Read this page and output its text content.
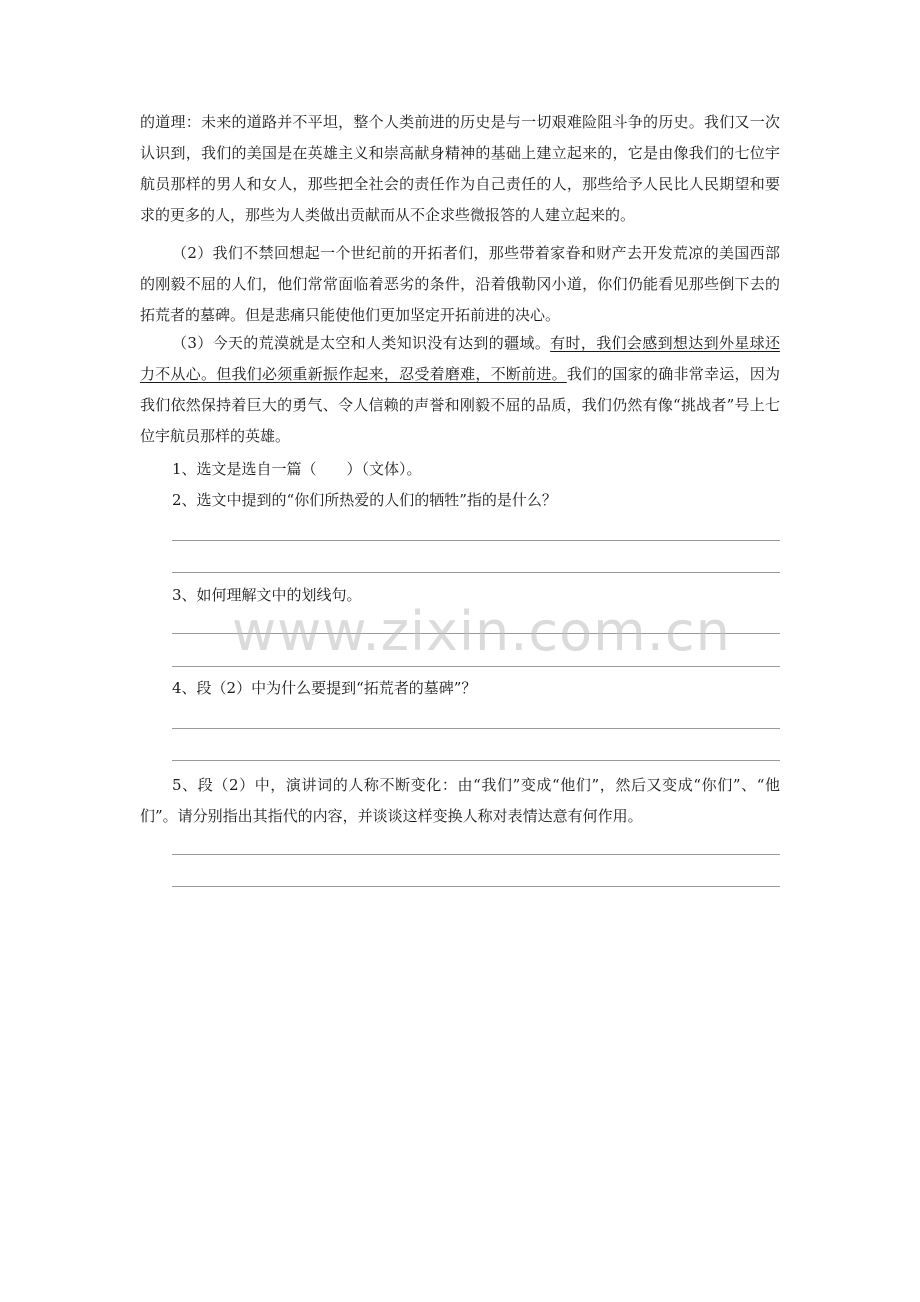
的道理：未来的道路并不平坦，整个人类前进的历史是与一切艰难险阻斗争的历史。我们又一次认识到，我们的美国是在英雄主义和崇高献身精神的基础上建立起来的，它是由像我们的七位宇航员那样的男人和女人，那些把全社会的责任作为自己责任的人，那些给予人民比人民期望和要求的更多的人，那些为人类做出贡献而从不企求些微报答的人建立起来的。

（2）我们不禁回想起一个世纪前的开拓者们，那些带着家眷和财产去开发荒凉的美国西部的刚毅不屈的人们，他们常常面临着恶劣的条件，沿着俄勒冈小道，你们仍能看见那些倒下去的拓荒者的墓碑。但是悲痛只能使他们更加坚定开拓前进的决心。

（3）今天的荒漠就是太空和人类知识没有达到的疆域。有时，我们会感到想达到外星球还力不从心。但我们必须重新振作起来，忍受着磨难，不断前进。我们的国家的确非常幸运，因为我们依然保持着巨大的勇气、令人信赖的声誉和刚毅不屈的品质，我们仍然有像“挑战者”号上七位宇航员那样的英雄。

1、选文是选自一篇（　　）（文体）。

2、选文中提到的“你们所热爱的人们的牺牲”指的是什么？

3、如何理解文中的划线句。

4、段（2）中为什么要提到“拓荒者的墓碑”？

5、段（2）中，演讲词的人称不断变化：由“我们”变成“他们”，然后又变成“你们”、“他们”。请分别指出其指代的内容，并谈谈这样变换人称对表情达意有何作用。

www.zixin.com.cn
